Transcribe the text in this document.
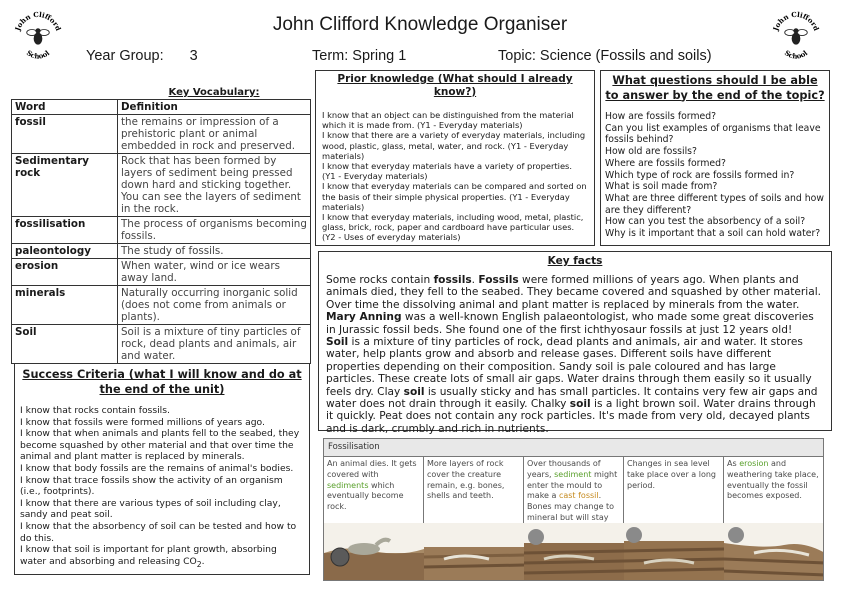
John Clifford
School
John Clifford
School
John Clifford Knowledge Organiser
Year Group: 3	Term: Spring 1	Topic: Science (Fossils and soils)
	Key Vocabulary:
Word	Definition
fossil	the remains or impression of a prehistoric plant or animal embedded in rock and preserved.
Sedimentary rock	Rock that has been formed by layers of sediment being pressed down hard and sticking together. You can see the layers of sediment in the rock.
fossilisation	The process of organisms becoming fossils.
paleontology	The study of fossils.
erosion	When water, wind or ice wears away land.
minerals	Naturally occurring inorganic solid (does not come from animals or plants).
Soil	Soil is a mixture of tiny particles of rock, dead plants and animals, air and water.
Prior knowledge (What should I already know?)
I know that an object can be distinguished from the material which it is made from. (Y1 - Everyday materials)
I know that there are a variety of everyday materials, including wood, plastic, glass, metal, water, and rock. (Y1 - Everyday materials)
I know that everyday materials have a variety of properties. (Y1 - Everyday materials)
I know that everyday materials can be compared and sorted on the basis of their simple physical properties. (Y1 - Everyday materials)
I know that everyday materials, including wood, metal, plastic, glass, brick, rock, paper and cardboard have particular uses. (Y2 - Uses of everyday materials)
What questions should I be able to answer by the end of the topic?
How are fossils formed?
Can you list examples of organisms that leave fossils behind?
How old are fossils?
Where are fossils formed?
Which type of rock are fossils formed in?
What is soil made from?
What are three different types of soils and how are they different?
How can you test the absorbency of a soil?
Why is it important that a soil can hold water?
Key facts
Some rocks contain fossils. Fossils were formed millions of years ago. When plants and animals died, they fell to the seabed. They became covered and squashed by other material. Over time the dissolving animal and plant matter is replaced by minerals from the water.
Mary Anning was a well-known English palaeontologist, who made some great discoveries in Jurassic fossil beds. She found one of the first ichthyosaur fossils at just 12 years old!
Soil is a mixture of tiny particles of rock, dead plants and animals, air and water. It stores water, help plants grow and absorb and release gases. Different soils have different properties depending on their composition. Sandy soil is pale coloured and has large particles. These create lots of small air gaps. Water drains through them easily so it usually feels dry. Clay soil is usually sticky and has small particles. It contains very few air gaps and water does not drain through it easily. Chalky soil is a light brown soil. Water drains through it quickly. Peat does not contain any rock particles. It's made from very old, decayed plants and is dark, crumbly and rich in nutrients.
Success Criteria (what I will know and do at the end of the unit)
I know that rocks contain fossils.
I know that fossils were formed millions of years ago.
I know that when animals and plants fell to the seabed, they become squashed by other material and that over time the animal and plant matter is replaced by minerals.
I know that body fossils are the remains of animal's bodies.
I know that trace fossils show the activity of an organism (i.e., footprints).
I know that there are various types of soil including clay, sandy and peat soil.
I know that the absorbency of soil can be tested and how to do this.
I know that soil is important for plant growth, absorbing water and absorbing and releasing $CO_2$.
Fossilisation
An animal dies. It gets covered with sediments which eventually become rock.
More layers of rock cover the creature remain, e.g. bones, shells and teeth.
Over thousands of years, sediment might enter the mould to make a cast fossil. Bones may change to mineral but will stay
Changes in sea level take place over a long period.
As erosion and weathering take place, eventually the fossil becomes exposed.
